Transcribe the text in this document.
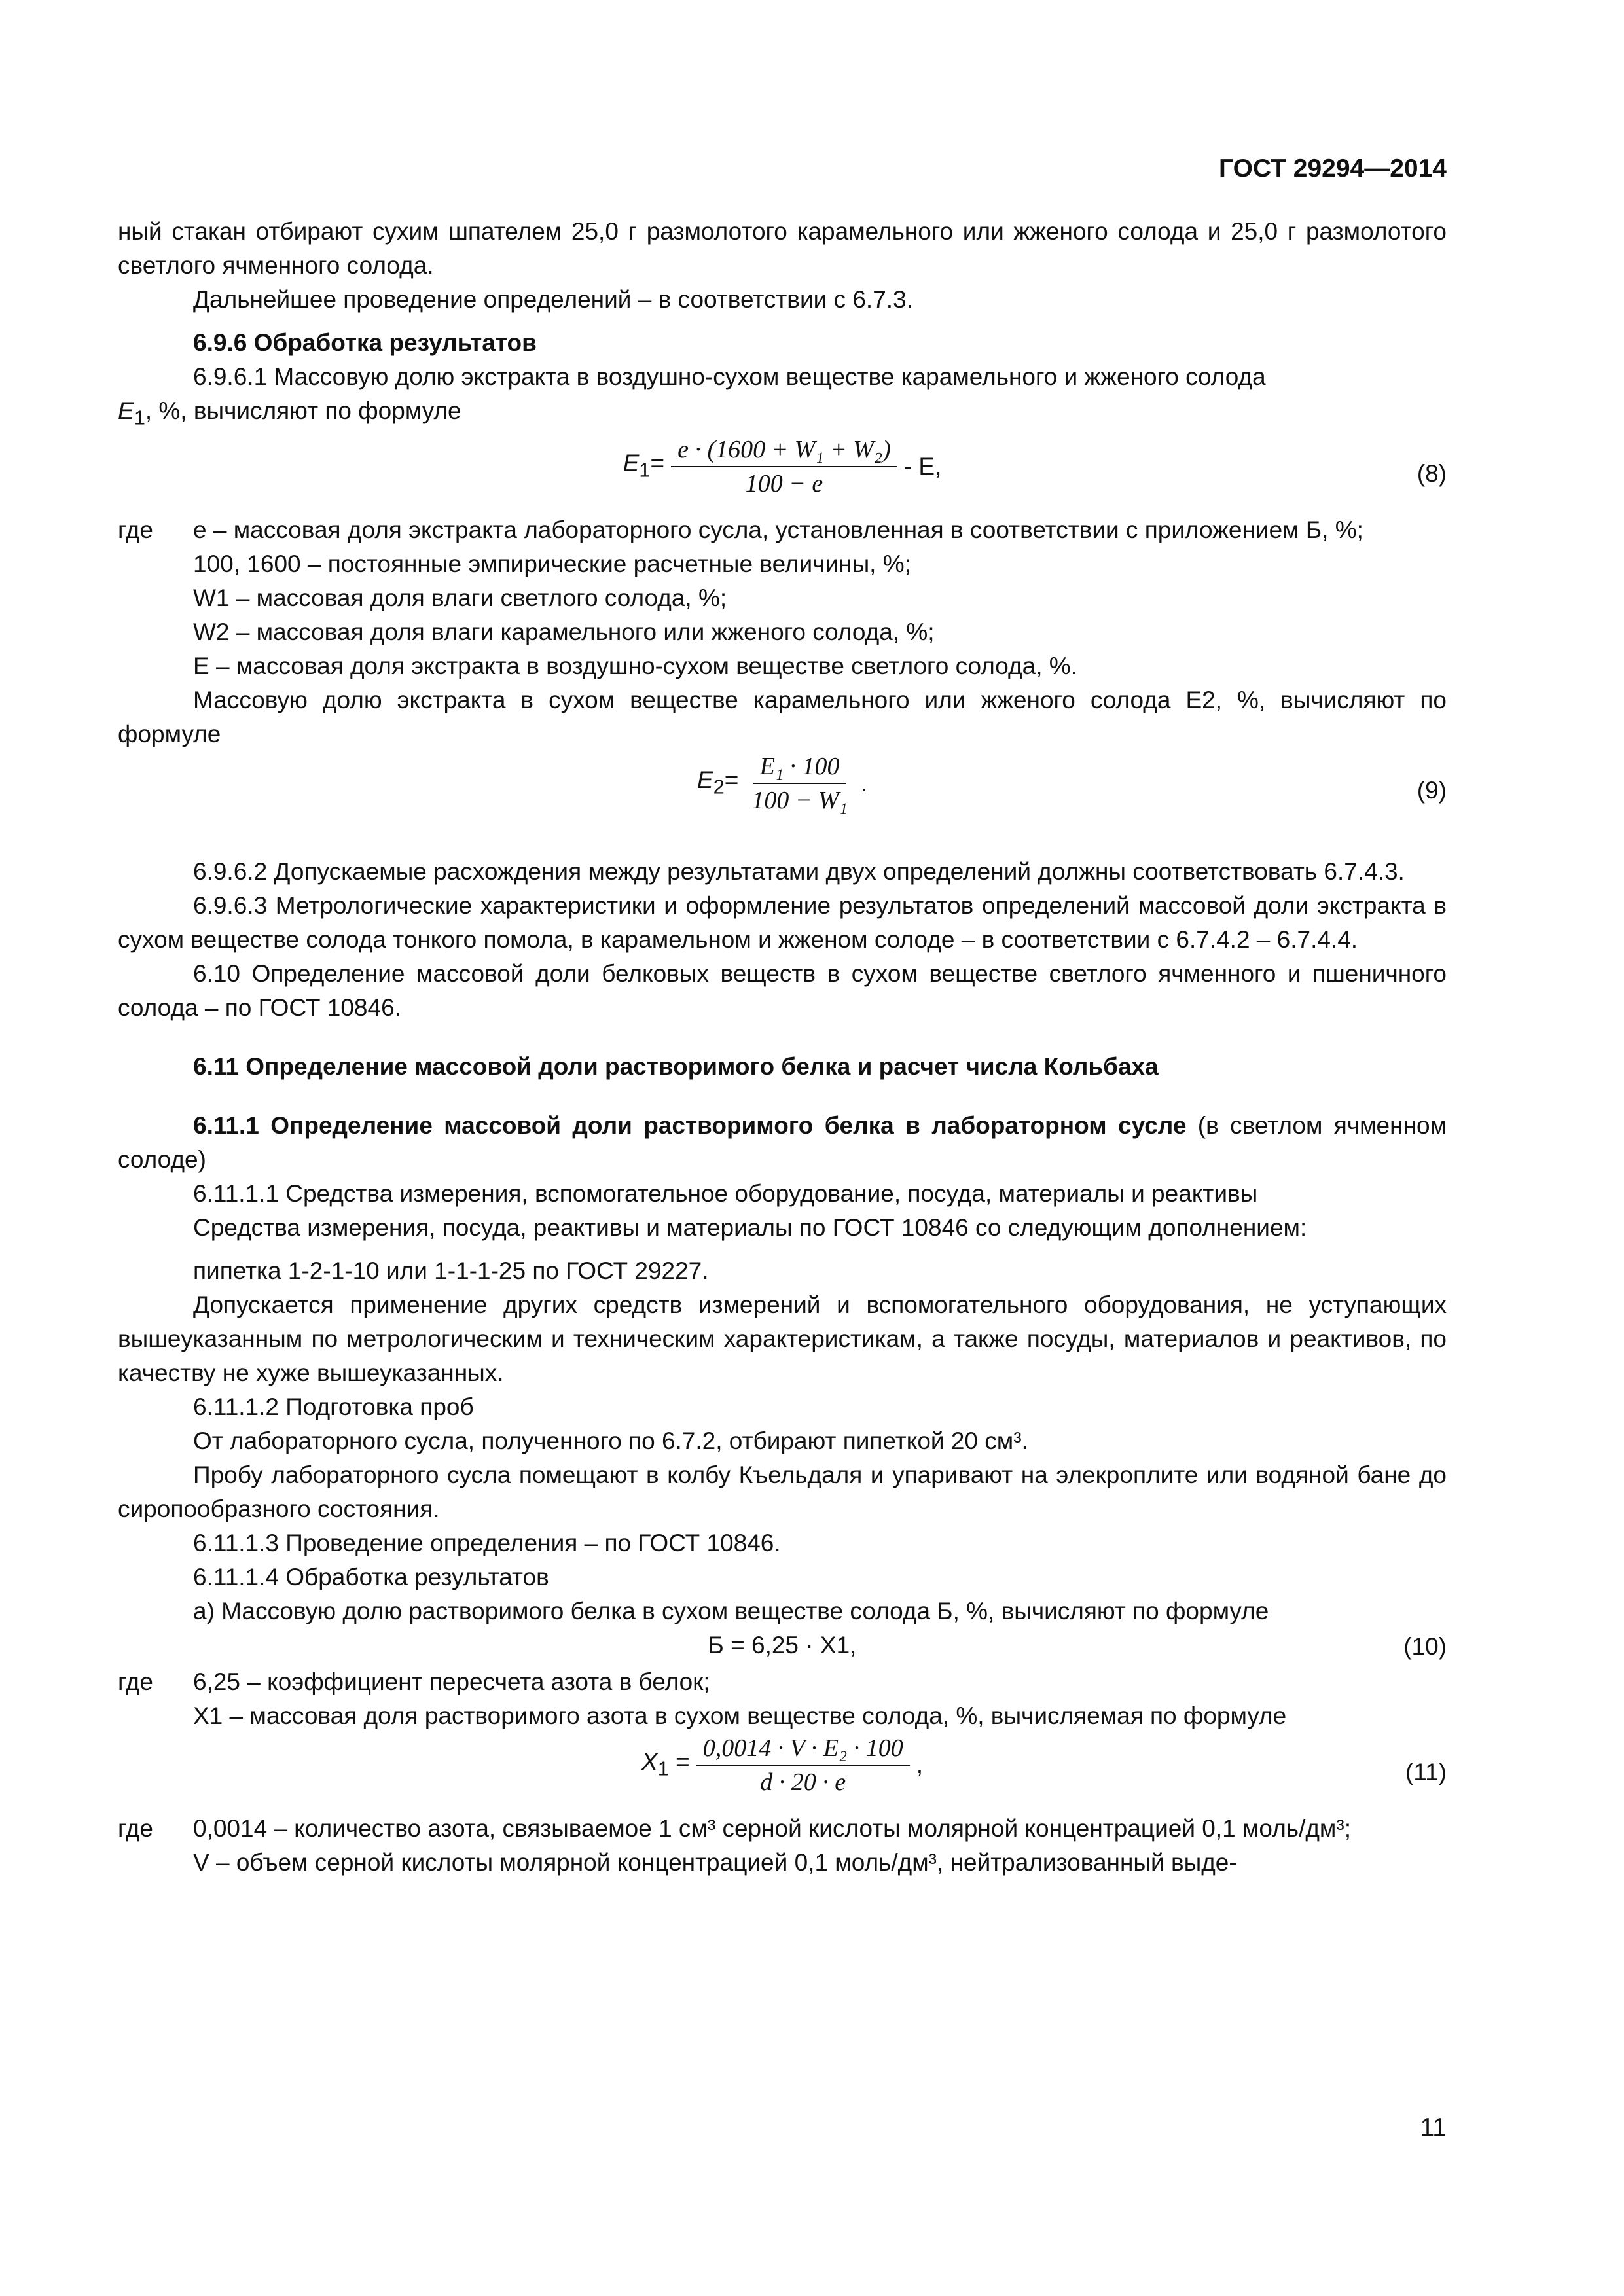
ГОСТ 29294—2014

ный стакан отбирают сухим шпателем 25,0 г размолотого карамельного или жженого солода и 25,0 г размолотого светлого ячменного солода.

Дальнейшее проведение определений – в соответствии с 6.7.3.

6.9.6 Обработка результатов

6.9.6.1 Массовую долю экстракта в воздушно-сухом веществе карамельного и жженого солода

$E_1$, %, вычисляют по формуле

$E_1= \frac{\text{e · (1600 + W₁ + W₂)}}{100 - e} - E$,	(8)
где	е – массовая доля экстракта лабораторного сусла, установленная в соответствии с приложением Б, %;

100, 1600 – постоянные эмпирические расчетные величины, %;

W1 – массовая доля влаги светлого солода, %;

W2 – массовая доля влаги карамельного или жженого солода, %;

E – массовая доля экстракта в воздушно-сухом веществе светлого солода, %.

Массовую долю экстракта в сухом веществе карамельного или жженого солода E2, %, вычисляют по формуле

$E_2= \frac{\text{E₁ · 100}}{\text{100 − W₁}}$ .	(9)

6.9.6.2 Допускаемые расхождения между результатами двух определений должны соответствовать 6.7.4.3.

6.9.6.3 Метрологические характеристики и оформление результатов определений массовой доли экстракта в сухом веществе солода тонкого помола, в карамельном и жженом солоде – в соответствии с 6.7.4.2 – 6.7.4.4.

6.10 Определение массовой доли белковых веществ в сухом веществе светлого ячменного и пшеничного солода – по ГОСТ 10846.

6.11 Определение массовой доли растворимого белка и расчет числа Кольбаха

6.11.1 Определение массовой доли растворимого белка в лабораторном сусле (в светлом ячменном солоде)

6.11.1.1 Средства измерения, вспомогательное оборудование, посуда, материалы и реактивы

Средства измерения, посуда, реактивы и материалы по ГОСТ 10846 со следующим дополнением:

пипетка 1-2-1-10 или 1-1-1-25 по ГОСТ 29227.

Допускается применение других средств измерений и вспомогательного оборудования, не уступающих вышеуказанным по метрологическим и техническим характеристикам, а также посуды, материалов и реактивов, по качеству не хуже вышеуказанных.

6.11.1.2 Подготовка проб

От лабораторного сусла, полученного по 6.7.2, отбирают пипеткой 20 см³.

Пробу лабораторного сусла помещают в колбу Къельдаля и упаривают на элекроплите или водяной бане до сиропообразного состояния.

6.11.1.3 Проведение определения – по ГОСТ 10846.

6.11.1.4 Обработка результатов

а) Массовую долю растворимого белка в сухом веществе солода Б, %, вычисляют по формуле

Б = 6,25 · X1,	(10)
где	6,25 – коэффициент пересчета азота в белок;

X1 – массовая доля растворимого азота в сухом веществе солода, %, вычисляемая по формуле

$X_1 = \frac{\text{0,0014 · V · E₂ · 100}}{d \cdot 20 \cdot e}$ ,	(11)
где	0,0014 – количество азота, связываемое 1 см³ серной кислоты молярной концентрацией 0,1 моль/дм³;

V – объем серной кислоты молярной концентрацией 0,1 моль/дм³, нейтрализованный выде-

11
